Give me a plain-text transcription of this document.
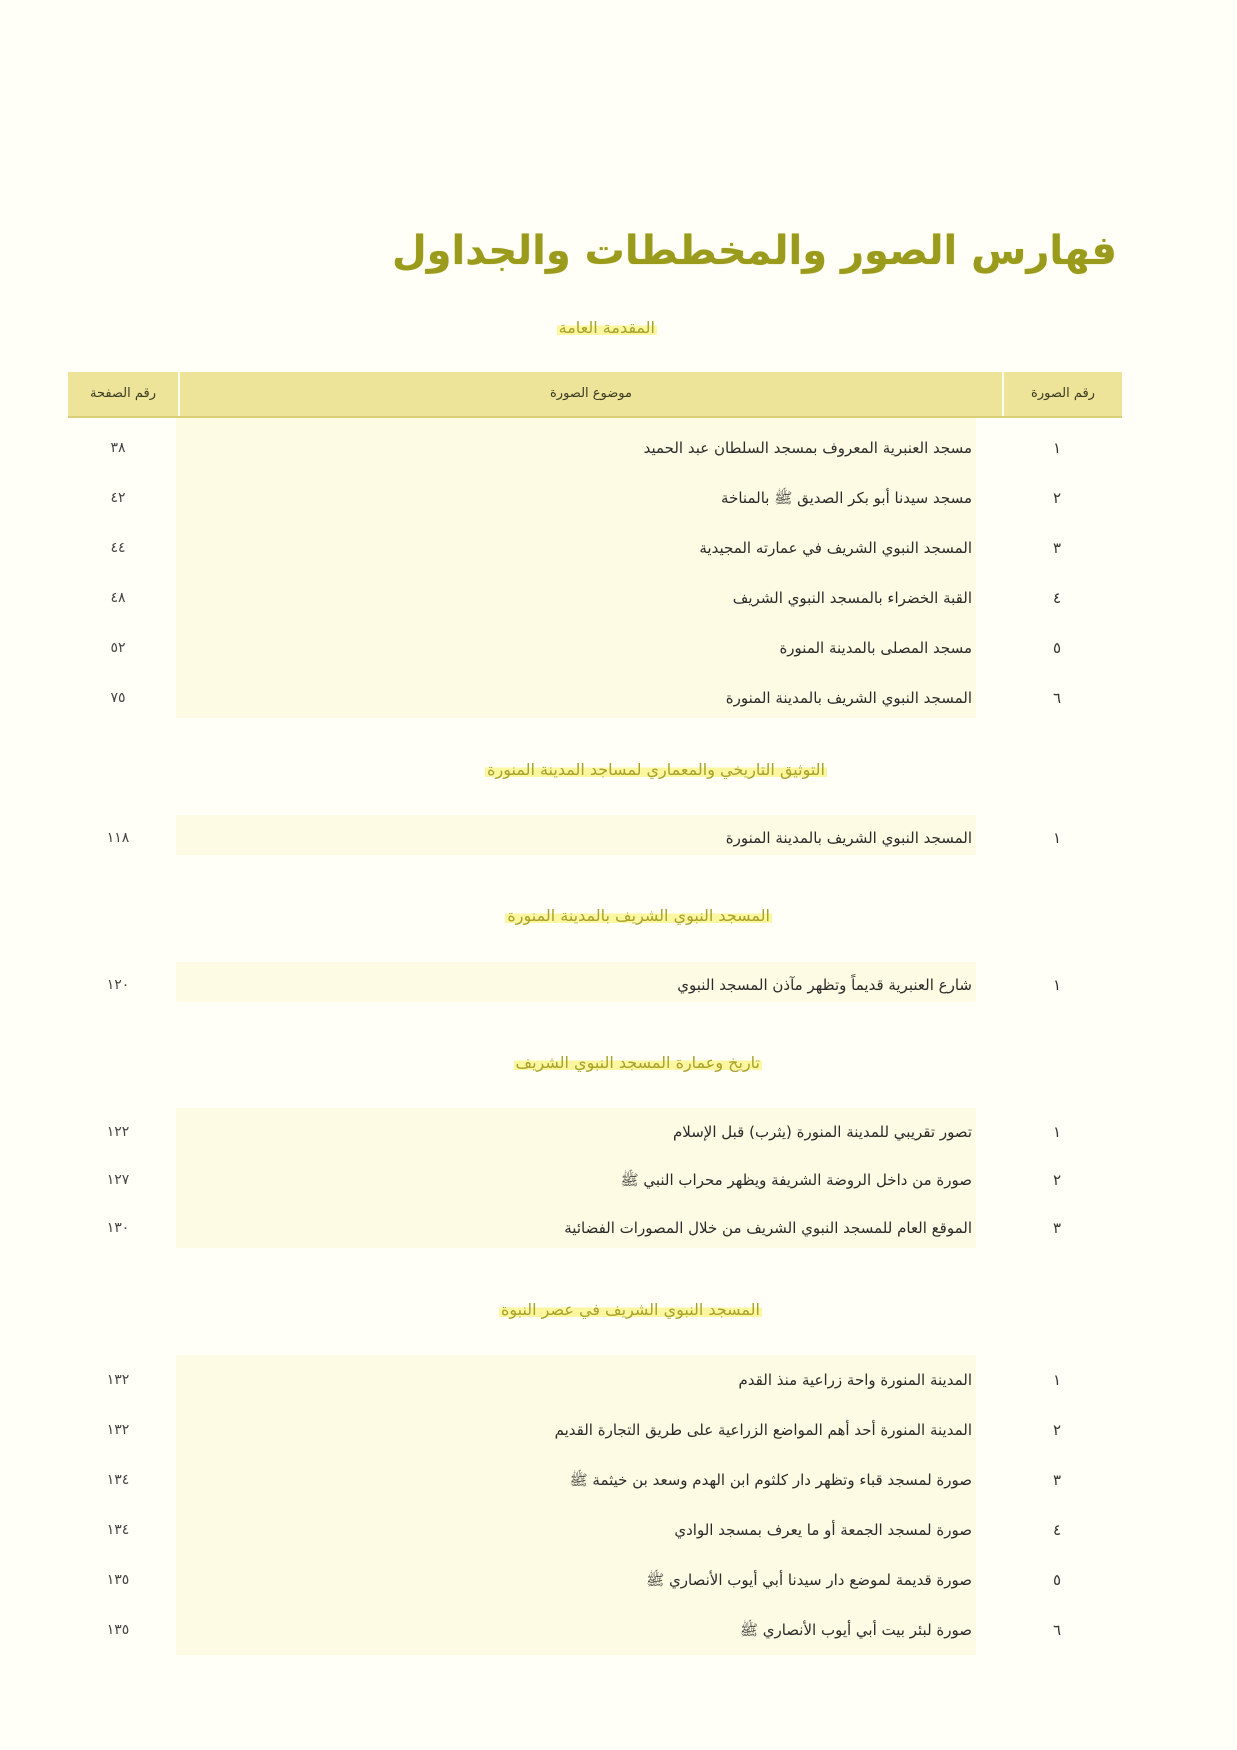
فهارس الصور والمخططات والجداول
المقدمة العامة
رقم الصورة
موضوع الصورة
رقم الصفحة
١
مسجد العنبرية المعروف بمسجد السلطان عبد الحميد
٣٨
٢
مسجد سيدنا أبو بكر الصديق ﷺ بالمناخة
٤٢
٣
المسجد النبوي الشريف في عمارته المجيدية
٤٤
٤
القبة الخضراء بالمسجد النبوي الشريف
٤٨
٥
مسجد المصلى بالمدينة المنورة
٥٢
٦
المسجد النبوي الشريف بالمدينة المنورة
٧٥
التوثيق التاريخي والمعماري لمساجد المدينة المنورة
١
المسجد النبوي الشريف بالمدينة المنورة
١١٨
المسجد النبوي الشريف بالمدينة المنورة
١
شارع العنبرية قديماً وتظهر مآذن المسجد النبوي
١٢٠
تاريخ وعمارة المسجد النبوي الشريف
١
تصور تقريبي للمدينة المنورة (يثرب) قبل الإسلام
١٢٢
٢
صورة من داخل الروضة الشريفة ويظهر محراب النبي ﷺ
١٢٧
٣
الموقع العام للمسجد النبوي الشريف من خلال المصورات الفضائية
١٣٠
المسجد النبوي الشريف في عصر النبوة
١
المدينة المنورة واحة زراعية منذ القدم
١٣٢
٢
المدينة المنورة أحد أهم المواضع الزراعية على طريق التجارة القديم
١٣٢
٣
صورة لمسجد قباء وتظهر دار كلثوم ابن الهدم وسعد بن خيثمة ﷺ
١٣٤
٤
صورة لمسجد الجمعة أو ما يعرف بمسجد الوادي
١٣٤
٥
صورة قديمة لموضع دار سيدنا أبي أيوب الأنصاري ﷺ
١٣٥
٦
صورة لبئر بيت أبي أيوب الأنصاري ﷺ
١٣٥
